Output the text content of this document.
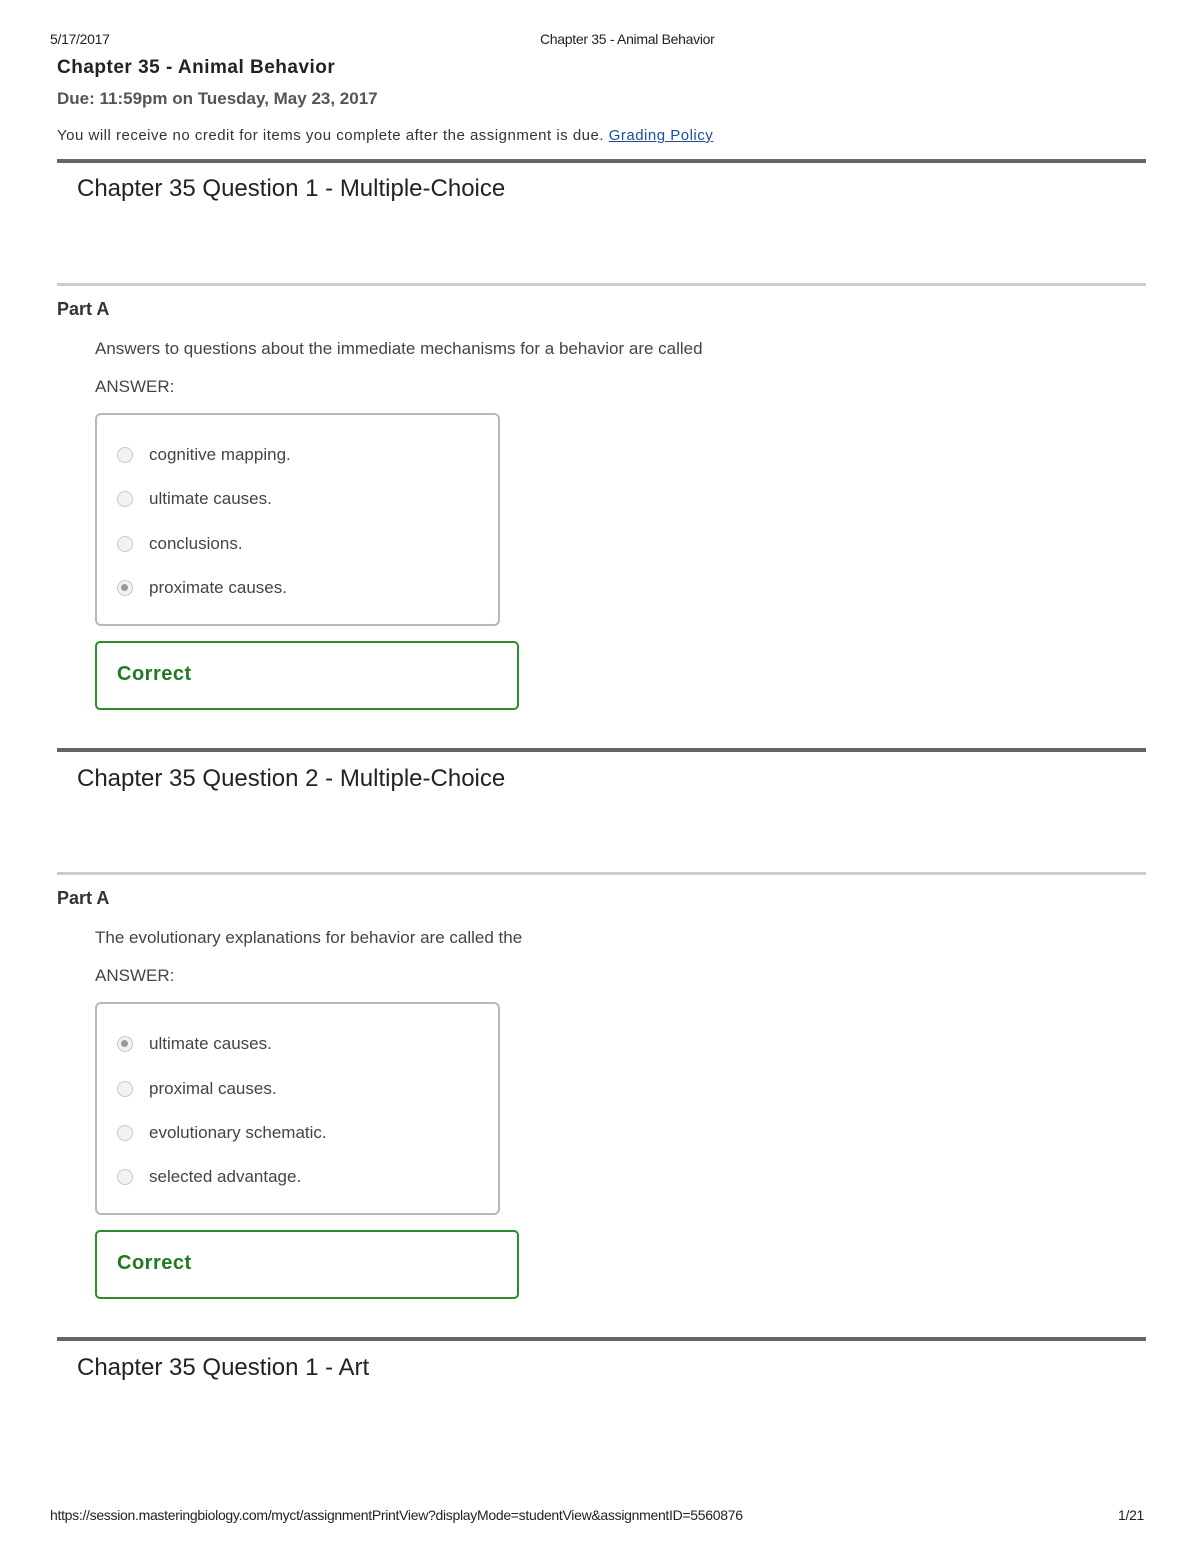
5/17/2017	Chapter 35 - Animal Behavior
Chapter 35 - Animal Behavior
Due: 11:59pm on Tuesday, May 23, 2017
You will receive no credit for items you complete after the assignment is due. Grading Policy
Chapter 35 Question 1 - Multiple-Choice
Part A
Answers to questions about the immediate mechanisms for a behavior are called
ANSWER:
cognitive mapping.
ultimate causes.
conclusions.
proximate causes.
Correct
Chapter 35 Question 2 - Multiple-Choice
Part A
The evolutionary explanations for behavior are called the
ANSWER:
ultimate causes.
proximal causes.
evolutionary schematic.
selected advantage.
Correct
Chapter 35 Question 1 - Art
https://session.masteringbiology.com/myct/assignmentPrintView?displayMode=studentView&assignmentID=5560876	1/21
